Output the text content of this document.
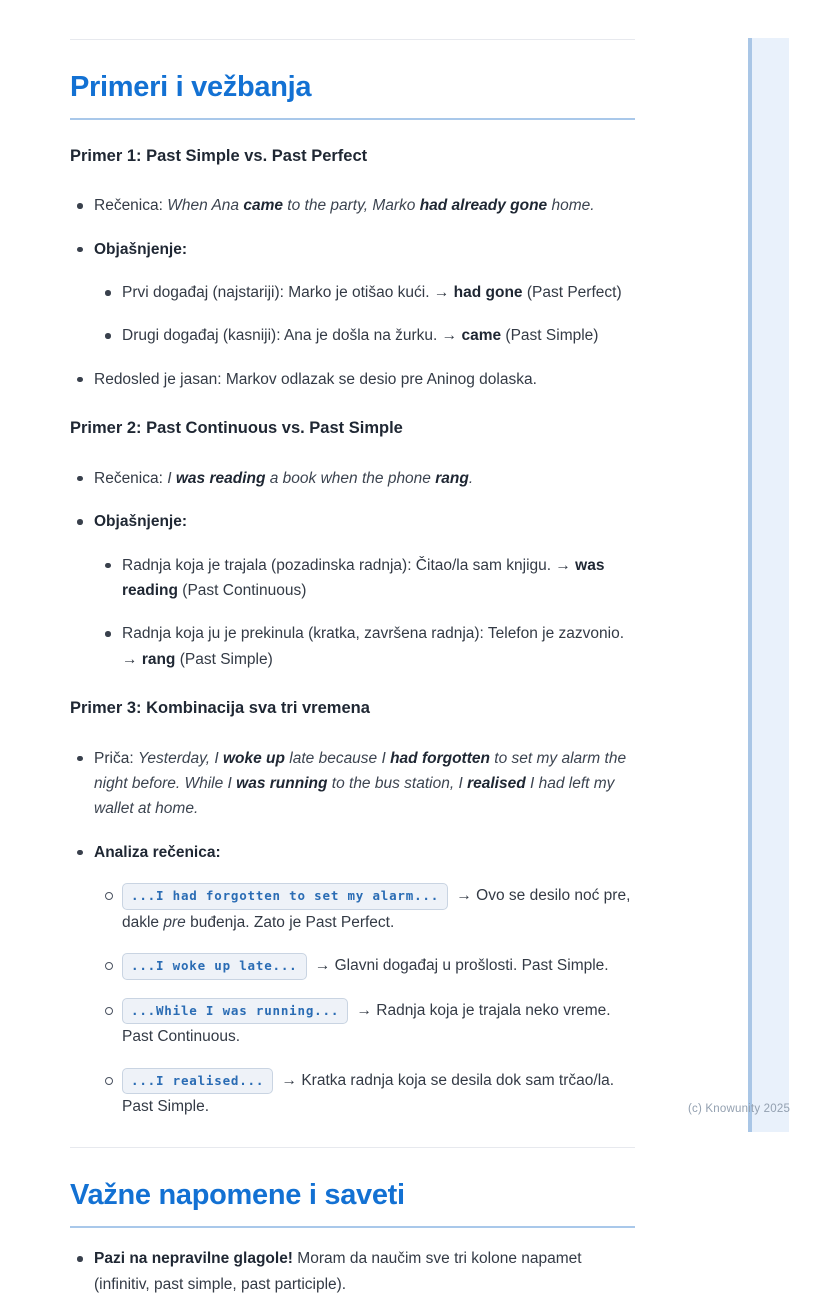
Primeri i vežbanja
Primer 1: Past Simple vs. Past Perfect
Rečenica: When Ana came to the party, Marko had already gone home.
Objašnjenje:
Prvi događaj (najstariji): Marko je otišao kući. → had gone (Past Perfect)
Drugi događaj (kasniji): Ana je došla na žurku. → came (Past Simple)
Redosled je jasan: Markov odlazak se desio pre Aninog dolaska.
Primer 2: Past Continuous vs. Past Simple
Rečenica: I was reading a book when the phone rang.
Objašnjenje:
Radnja koja je trajala (pozadinska radnja): Čitao/la sam knjigu. → was reading (Past Continuous)
Radnja koja ju je prekinula (kratka, završena radnja): Telefon je zazvonio. → rang (Past Simple)
Primer 3: Kombinacija sva tri vremena
Priča: Yesterday, I woke up late because I had forgotten to set my alarm the night before. While I was running to the bus station, I realised I had left my wallet at home.
Analiza rečenica:
...I had forgotten to set my alarm... → Ovo se desilo noć pre, dakle pre buđenja. Zato je Past Perfect.
...I woke up late... → Glavni događaj u prošlosti. Past Simple.
...While I was running... → Radnja koja je trajala neko vreme. Past Continuous.
...I realised... → Kratka radnja koja se desila dok sam trčao/la. Past Simple.
Važne napomene i saveti
Pazi na nepravilne glagole! Moram da naučim sve tri kolone napamet (infinitiv, past simple, past participle).
(c) Knowunity 2025
